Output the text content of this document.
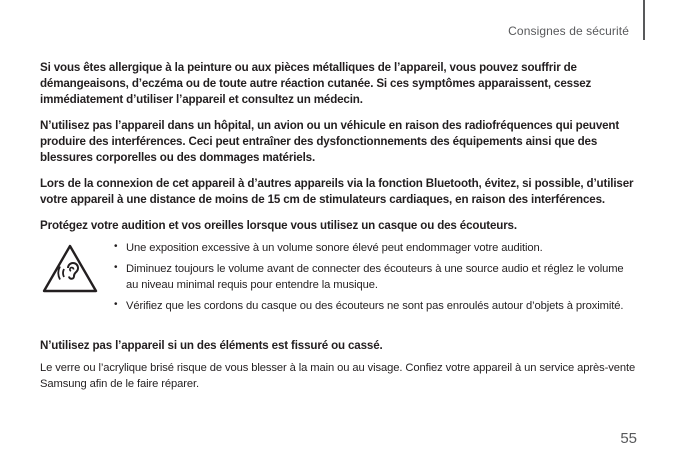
Consignes de sécurité

Si vous êtes allergique à la peinture ou aux pièces métalliques de l’appareil, vous pouvez souffrir de démangeaisons, d’eczéma ou de toute autre réaction cutanée. Si ces symptômes apparaissent, cessez immédiatement d’utiliser l’appareil et consultez un médecin.

N’utilisez pas l’appareil dans un hôpital, un avion ou un véhicule en raison des radiofréquences qui peuvent produire des interférences. Ceci peut entraîner des dysfonctionnements des équipements ainsi que des blessures corporelles ou des dommages matériels.

Lors de la connexion de cet appareil à d’autres appareils via la fonction Bluetooth, évitez, si possible, d’utiliser votre appareil à une distance de moins de 15 cm de stimulateurs cardiaques, en raison des interférences.

Protégez votre audition et vos oreilles lorsque vous utilisez un casque ou des écouteurs.

• Une exposition excessive à un volume sonore élevé peut endommager votre audition.
• Diminuez toujours le volume avant de connecter des écouteurs à une source audio et réglez le volume au niveau minimal requis pour entendre la musique.
• Vérifiez que les cordons du casque ou des écouteurs ne sont pas enroulés autour d’objets à proximité.

N’utilisez pas l’appareil si un des éléments est fissuré ou cassé.

Le verre ou l’acrylique brisé risque de vous blesser à la main ou au visage. Confiez votre appareil à un service après-vente Samsung afin de le faire réparer.

55
